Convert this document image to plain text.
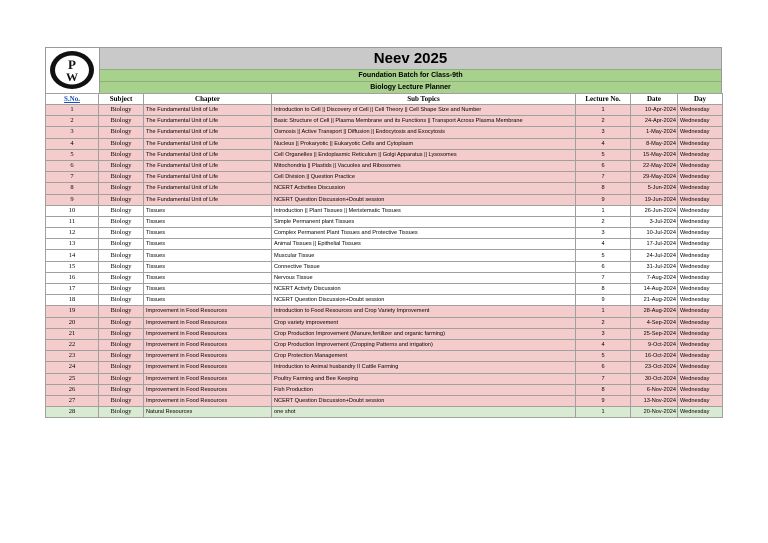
P
W
Neev 2025
Foundation Batch for Class-9th
Biology Lecture Planner
S.No.	Subject	Chapter	Sub Topics	Lecture No.	Date	Day
1	Biology	The Fundamental Unit of Life	Introduction to Cell || Discovery of Cell || Cell Theory || Cell Shape Size and Number	1	10-Apr-2024	Wednesday
2	Biology	The Fundamental Unit of Life	Basic Structure of Cell || Plasma Membrane and its Functions || Transport Across Plasma Membrane	2	24-Apr-2024	Wednesday
3	Biology	The Fundamental Unit of Life	Osmosis || Active Transport || Diffusion || Endocytosis and Exocytosis	3	1-May-2024	Wednesday
4	Biology	The Fundamental Unit of Life	Nucleus || Prokaryotic || Eukaryotic Cells and Cytoplasm	4	8-May-2024	Wednesday
5	Biology	The Fundamental Unit of Life	Cell Organelles || Endoplasmic Reticulum || Golgi Apparatus || Lysosomes	5	15-May-2024	Wednesday
6	Biology	The Fundamental Unit of Life	Mitochondria || Plastids || Vacuoles and Ribosomes	6	22-May-2024	Wednesday
7	Biology	The Fundamental Unit of Life	Cell Division || Question Practice	7	29-May-2024	Wednesday
8	Biology	The Fundamental Unit of Life	NCERT Activities Discussion	8	5-Jun-2024	Wednesday
9	Biology	The Fundamental Unit of Life	NCERT Question Discussion+Doubt session	9	19-Jun-2024	Wednesday
10	Biology	Tissues	Introduction || Plant Tissues || Meristematic Tissues	1	26-Jun-2024	Wednesday
11	Biology	Tissues	Simple Permanent plant Tissues	2	3-Jul-2024	Wednesday
12	Biology	Tissues	Complex Permanent Plant Tissues and Protective Tissues	3	10-Jul-2024	Wednesday
13	Biology	Tissues	Animal Tissues || Epithelial Tissues	4	17-Jul-2024	Wednesday
14	Biology	Tissues	Muscular Tissue	5	24-Jul-2024	Wednesday
15	Biology	Tissues	Connective Tissue	6	31-Jul-2024	Wednesday
16	Biology	Tissues	Nervous Tissue	7	7-Aug-2024	Wednesday
17	Biology	Tissues	NCERT Activity Discussion	8	14-Aug-2024	Wednesday
18	Biology	Tissues	NCERT Question Discussion+Doubt session	9	21-Aug-2024	Wednesday
19	Biology	Improvement in Food Resources	Introduction to Food Resources and Crop Variety Improvement	1	28-Aug-2024	Wednesday
20	Biology	Improvement in Food Resources	Crop variety improvement	2	4-Sep-2024	Wednesday
21	Biology	Improvement in Food Resources	Crop Production Improvement (Manure,fertilizer and organic farming)	3	25-Sep-2024	Wednesday
22	Biology	Improvement in Food Resources	Crop Production Improvement (Cropping Patterns and irrigation)	4	9-Oct-2024	Wednesday
23	Biology	Improvement in Food Resources	Crop Protection Management	5	16-Oct-2024	Wednesday
24	Biology	Improvement in Food Resources	Introduction to Animal husbandry II Cattle Farming	6	23-Oct-2024	Wednesday
25	Biology	Improvement in Food Resources	Poultry Farming and Bee Keeping	7	30-Oct-2024	Wednesday
26	Biology	Improvement in Food Resources	Fish Production	8	6-Nov-2024	Wednesday
27	Biology	Improvement in Food Resources	NCERT Question Discussion+Doubt session	9	13-Nov-2024	Wednesday
28	Biology	Natural Resources	one shot	1	20-Nov-2024	Wednesday
